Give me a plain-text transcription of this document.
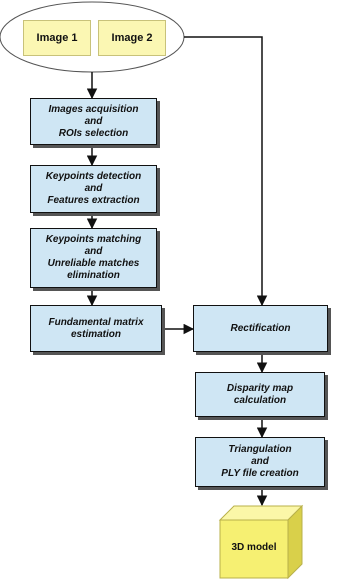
Image 1	Image 2
Images acquisition
and
ROIs selection
Keypoints detection
and
Features extraction
Keypoints matching
and
Unreliable matches
elimination
Fundamental matrix
estimation
Rectification
Disparity map
calculation
Triangulation
and
PLY file creation
3D model
